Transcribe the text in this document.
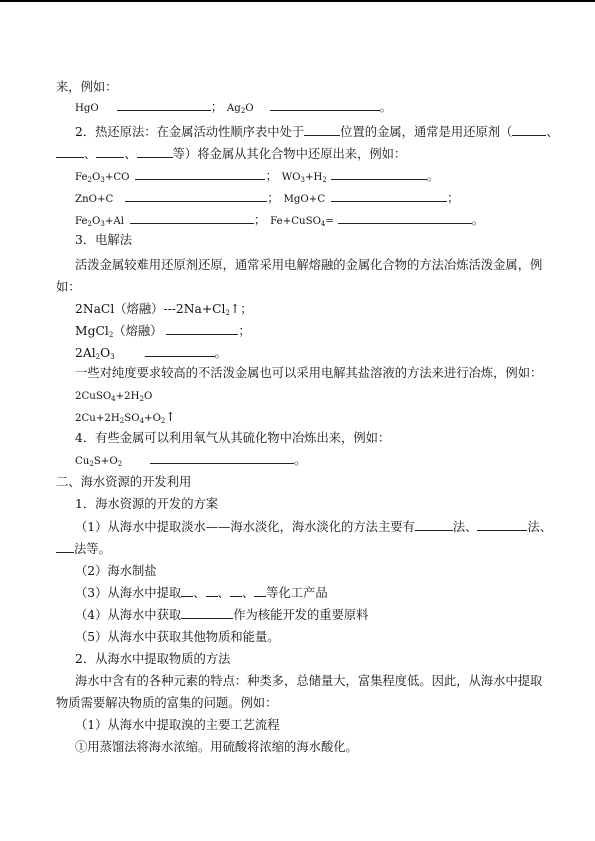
来，例如：
HgO	； $Ag_2O$	。
2．热还原法：在金属活动性顺序表中处于	位置的金属，通常是用还原剂（	、
、 、	等）将金属从其化合物中还原出来，例如：
$Fe_2O_3+CO$	； $WO_3+H_2$	。
ZnO+C	； MgO+C	；
$Fe_2O_3+Al$	； Fe+CuSO$_4$=	。
3．电解法
活泼金属较难用还原剂还原，通常采用电解熔融的金属化合物的方法冶炼活泼金属，例
如：
2NaCl（熔融）$---2Na+Cl_2↑$；
MgCl$_2$（熔融）	；
$2Al_2O_3$	。
一些对纯度要求较高的不活泼金属也可以采用电解其盐溶液的方法来进行冶炼，例如：
$2CuSO_4+2H_2O$
$2Cu+2H_2SO_4+O_2↑$
4．有些金属可以利用氧气从其硫化物中冶炼出来，例如：
$Cu_2S+O_2$	。
二、海水资源的开发利用
1．海水资源的开发的方案
（1）从海水中提取淡水——海水淡化，海水淡化的方法主要有	法、	法、
法等。
（2）海水制盐
（3）从海水中提取 、 、 、 等化工产品
（4）从海水中获取	作为核能开发的重要原料
（5）从海水中获取其他物质和能量。
2．从海水中提取物质的方法
海水中含有的各种元素的特点：种类多，总储量大，富集程度低。因此，从海水中提取
物质需要解决物质的富集的问题。例如：
（1）从海水中提取溴的主要工艺流程
①用蒸馏法将海水浓缩。用硫酸将浓缩的海水酸化。
